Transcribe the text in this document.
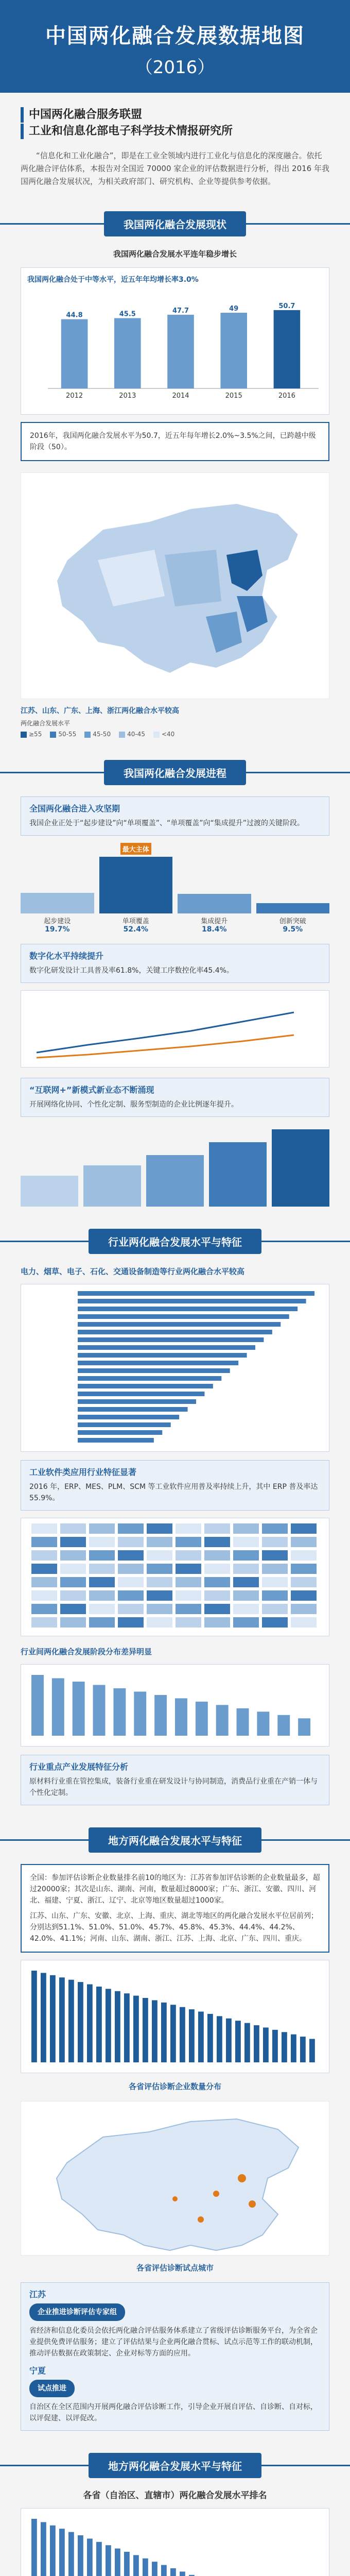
中国两化融合发展数据地图
（2016）
中国两化融合服务联盟
工业和信息化部电子科学技术情报研究所
“信息化和工业化融合”，即是在工业全领域内进行工业化与信息化的深度融合。依托两化融合评估体系，本报告对全国近 70000 家企业的评估数据进行分析，得出 2016 年我国两化融合发展状况，为相关政府部门、研究机构、企业等提供参考依据。
我国两化融合发展现状
我国两化融合发展水平连年稳步增长
我国两化融合处于中等水平，近五年年均增长率3.0%
44.8
2012
45.5
2013
47.7
2014
49
2015
50.7
2016
2016年，我国两化融合发展水平为50.7，近五年每年增长2.0%~3.5%之间，已跨越中级阶段（50）。
江苏、山东、广东、上海、浙江两化融合水平较高
两化融合发展水平
≥55	50-55	45-50	40-45	<40
我国两化融合发展进程
全国两化融合进入攻坚期
我国企业正处于“起步建设”向“单项覆盖”、“单项覆盖”向“集成提升”过渡的关键阶段。
起步建设
19.7%
最大主体
单项覆盖
52.4%
集成提升
18.4%
创新突破
9.5%
数字化水平持续提升
数字化研发设计工具普及率61.8%，关键工序数控化率45.4%。
“互联网+”新模式新业态不断涌现
开展网络化协同、个性化定制、服务型制造的企业比例逐年提升。
行业两化融合发展水平与特征
电力、烟草、电子、石化、交通设备制造等行业两化融合水平较高
工业软件类应用行业特征显著
2016 年，ERP、MES、PLM、SCM 等工业软件应用普及率持续上升，其中 ERP 普及率达 55.9%。
行业间两化融合发展阶段分布差异明显
行业重点产业发展特征分析
原材料行业重在管控集成，装备行业重在研发设计与协同制造，消费品行业重在产销一体与个性化定制。
地方两化融合发展水平与特征
全国：参加评估诊断企业数量排名前10的地区为：江苏省参加评估诊断的企业数量最多，超过20000家；其次是山东、湖南、河南，数量超过8000家；广东、浙江、安徽、四川、河北、福建、宁夏、浙江、辽宁、北京等地区数量超过1000家。
江苏、山东、广东、安徽、北京、上海、重庆、湖北等地区的两化融合发展水平位居前列；分别达到51.1%、51.0%、51.0%、45.7%、45.8%、45.3%、44.4%、44.2%、42.0%、41.1%；河南、山东、湖南、浙江、江苏、上海、北京、广东、四川、重庆。
各省评估诊断企业数量分布
各省评估诊断试点城市
江苏
企业推进诊断评估专家组
省经济和信息化委员会依托两化融合评估服务体系建立了省级评估诊断服务平台，为全省企业提供免费评估服务；建立了评估结果与企业两化融合贯标、试点示范等工作的联动机制，推动评估数据在政策制定、企业对标等方面的应用。
宁夏
试点推进
自治区在全区范围内开展两化融合评估诊断工作，引导企业开展自评估、自诊断、自对标，以评促建、以评促改。
地方两化融合发展水平与特征
各省（自治区、直辖市）两化融合发展水平排名
